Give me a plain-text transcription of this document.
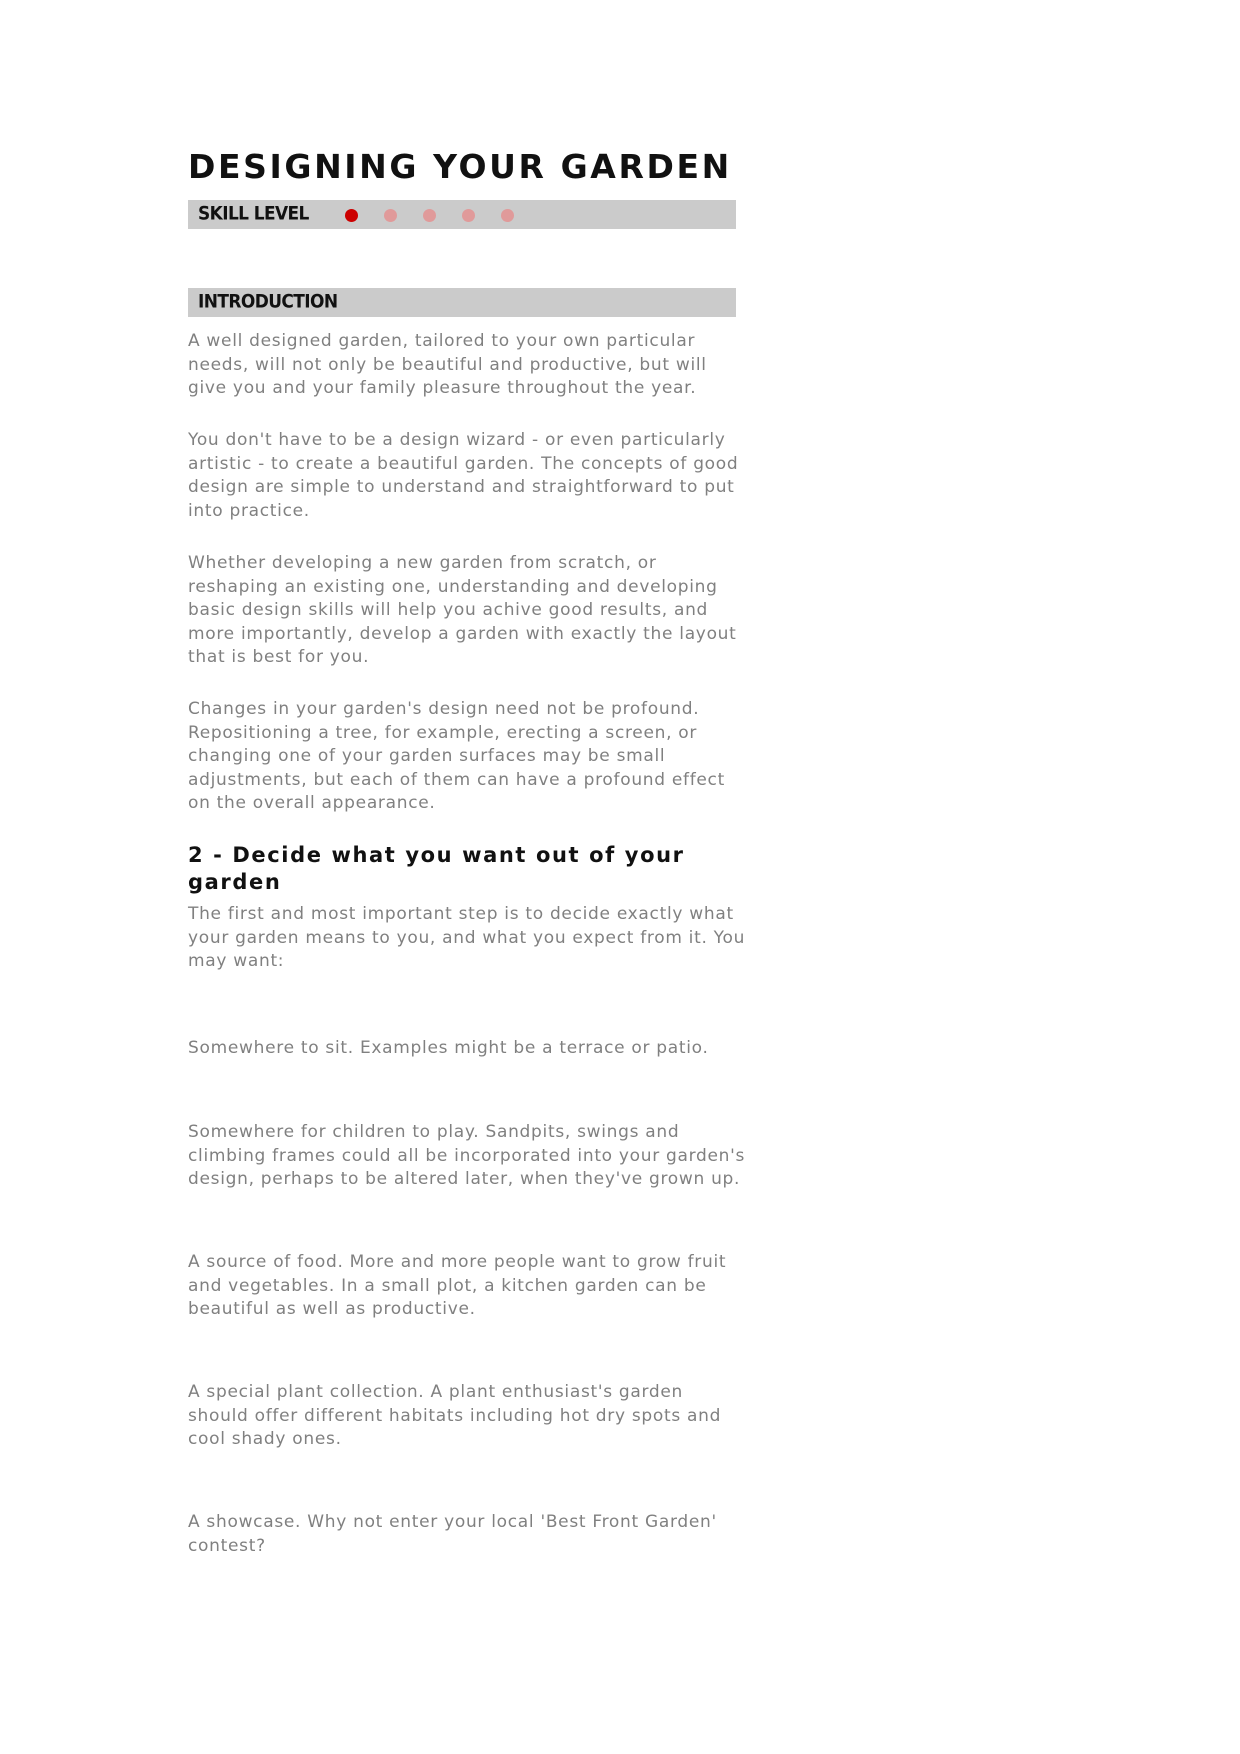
DESIGNING YOUR GARDEN
SKILL LEVEL
INTRODUCTION

A well designed garden, tailored to your own particular needs, will not only be beautiful and productive, but will give you and your family pleasure throughout the year.

You don't have to be a design wizard - or even particularly artistic - to create a beautiful garden. The concepts of good design are simple to understand and straightforward to put into practice.

Whether developing a new garden from scratch, or reshaping an existing one, understanding and developing basic design skills will help you achive good results, and more importantly, develop a garden with exactly the layout that is best for you.

Changes in your garden's design need not be profound. Repositioning a tree, for example, erecting a screen, or changing one of your garden surfaces may be small adjustments, but each of them can have a profound effect on the overall appearance.

2 - Decide what you want out of your garden

The first and most important step is to decide exactly what your garden means to you, and what you expect from it. You may want:

Somewhere to sit. Examples might be a terrace or patio.

Somewhere for children to play. Sandpits, swings and climbing frames could all be incorporated into your garden's design, perhaps to be altered later, when they've grown up.

A source of food. More and more people want to grow fruit and vegetables. In a small plot, a kitchen garden can be beautiful as well as productive.

A special plant collection. A plant enthusiast's garden should offer different habitats including hot dry spots and cool shady ones.

A showcase. Why not enter your local 'Best Front Garden' contest?
